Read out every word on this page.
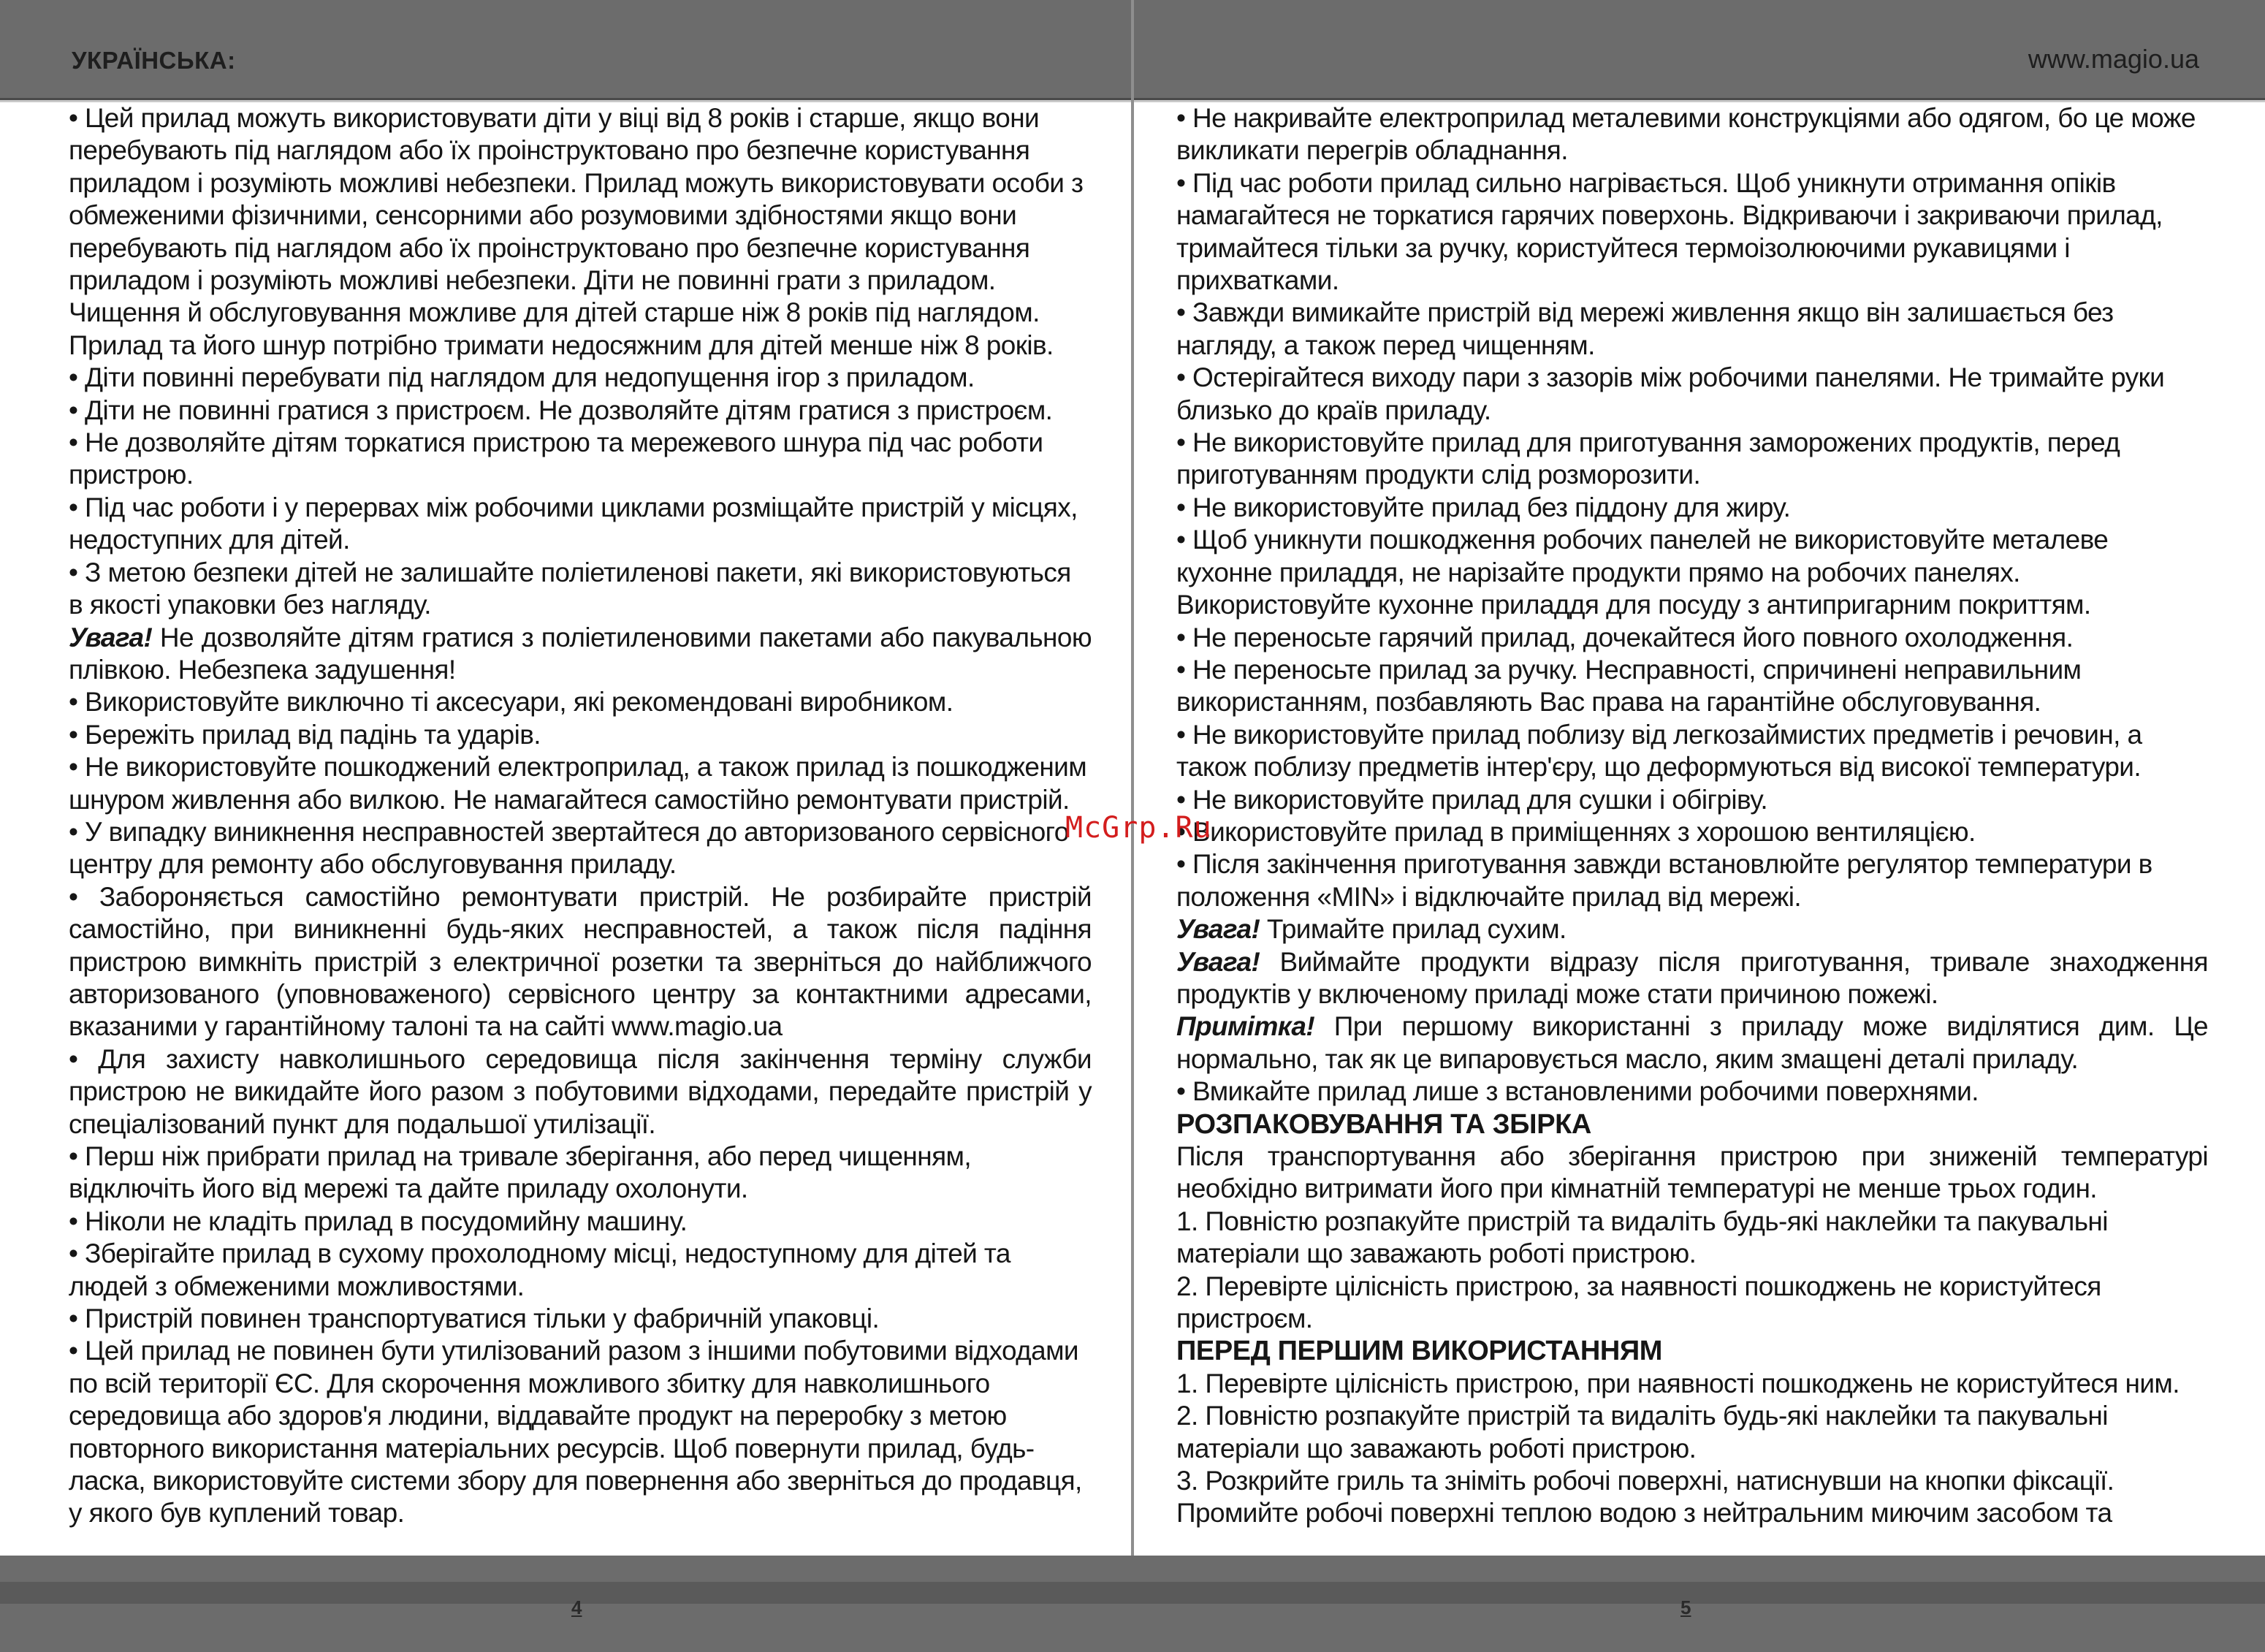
УКРАЇНСЬКА:	www.magio.ua

• Цей прилад можуть використовувати діти у віці від 8 років і старше, якщо вони перебувають під наглядом або їх проінструктовано про безпечне користування приладом і розуміють можливі небезпеки. Прилад можуть використовувати особи з обмеженими фізичними, сенсорними або розумовими здібностями якщо вони перебувають під наглядом або їх проінструктовано про безпечне користування приладом і розуміють можливі небезпеки. Діти не повинні грати з приладом. Чищення й обслуговування можливе для дітей старше ніж 8 років під наглядом. Прилад та його шнур потрібно тримати недосяжним для дітей менше ніж 8 років.

• Діти повинні перебувати під наглядом для недопущення ігор з приладом.

• Діти не повинні гратися з пристроєм. Не дозволяйте дітям гратися з пристроєм.

• Не дозволяйте дітям торкатися пристрою та мережевого шнура під час роботи пристрою.

• Під час роботи і у перервах між робочими циклами розміщайте пристрій у місцях, недоступних для дітей.

• З метою безпеки дітей не залишайте поліетиленові пакети, які використовуються в якості упаковки без нагляду.

Увага! Не дозволяйте дітям гратися з поліетиленовими пакетами або пакувальною плівкою. Небезпека задушення!

• Використовуйте виключно ті аксесуари, які рекомендовані виробником.

• Бережіть прилад від падінь та ударів.

• Не використовуйте пошкоджений електроприлад, а також прилад із пошкодженим шнуром живлення або вилкою. Не намагайтеся самостійно ремонтувати пристрій.

• У випадку виникнення несправностей звертайтеся до авторизованого сервісного центру для ремонту або обслуговування приладу.

• Забороняється самостійно ремонтувати пристрій. Не розбирайте пристрій самостійно, при виникненні будь-яких несправностей, а також після падіння пристрою вимкніть пристрій з електричної розетки та зверніться до найближчого авторизованого (уповноваженого) сервісного центру за контактними адресами, вказаними у гарантійному талоні та на сайті www.magio.ua

• Для захисту навколишнього середовища після закінчення терміну служби пристрою не викидайте його разом з побутовими відходами, передайте пристрій у спеціалізований пункт для подальшої утилізації.

• Перш ніж прибрати прилад на тривале зберігання, або перед чищенням, відключіть його від мережі та дайте приладу охолонути.

• Ніколи не кладіть прилад в посудомийну машину.

• Зберігайте прилад в сухому прохолодному місці, недоступному для дітей та людей з обмеженими можливостями.

• Пристрій повинен транспортуватися тільки у фабричній упаковці.

• Цей прилад не повинен бути утилізований разом з іншими побутовими відходами по всій території ЄС. Для скорочення можливого збитку для навколишнього середовища або здоров'я людини, віддавайте продукт на переробку з метою повторного використання матеріальних ресурсів. Щоб повернути прилад, будь-ласка, використовуйте системи збору для повернення або зверніться до продавця, у якого був куплений товар.

• Не накривайте електроприлад металевими конструкціями або одягом, бо це може викликати перегрів обладнання.

• Під час роботи прилад сильно нагрівається. Щоб уникнути отримання опіків намагайтеся не торкатися гарячих поверхонь. Відкриваючи і закриваючи прилад, тримайтеся тільки за ручку, користуйтеся термоізолюючими рукавицями і прихватками.

• Завжди вимикайте пристрій від мережі живлення якщо він залишається без нагляду, а також перед чищенням.

• Остерігайтеся виходу пари з зазорів між робочими панелями. Не тримайте руки близько до країв приладу.

• Не використовуйте прилад для приготування заморожених продуктів, перед приготуванням продукти слід розморозити.

• Не використовуйте прилад без піддону для жиру.

• Щоб уникнути пошкодження робочих панелей не використовуйте металеве кухонне приладдя, не нарізайте продукти прямо на робочих панелях. Використовуйте кухонне приладдя для посуду з антипригарним покриттям.

• Не переносьте гарячий прилад, дочекайтеся його повного охолодження.

• Не переносьте прилад за ручку. Несправності, спричинені неправильним використанням, позбавляють Вас права на гарантійне обслуговування.

• Не використовуйте прилад поблизу від легкозаймистих предметів і речовин, а також поблизу предметів інтер'єру, що деформуються від високої температури.

• Не використовуйте прилад для сушки і обігріву.

• Використовуйте прилад в приміщеннях з хорошою вентиляцією.

• Після закінчення приготування завжди встановлюйте регулятор температури в положення «MIN» і відключайте прилад від мережі.

Увага! Тримайте прилад сухим.

Увага! Виймайте продукти відразу після приготування, тривале знаходження продуктів у включеному приладі може стати причиною пожежі.

Примітка! При першому використанні з приладу може виділятися дим. Це нормально, так як це випаровується масло, яким змащені деталі приладу.

• Вмикайте прилад лише з встановленими робочими поверхнями.

РОЗПАКОВУВАННЯ ТА ЗБІРКА

Після транспортування або зберігання пристрою при зниженій температурі необхідно витримати його при кімнатній температурі не менше трьох годин.

1. Повністю розпакуйте пристрій та видаліть будь-які наклейки та пакувальні матеріали що заважають роботі пристрою.

2. Перевірте цілісність пристрою, за наявності пошкоджень не користуйтеся пристроєм.

ПЕРЕД ПЕРШИМ ВИКОРИСТАННЯМ

1. Перевірте цілісність пристрою, при наявності пошкоджень не користуйтеся ним.

2. Повністю розпакуйте пристрій та видаліть будь-які наклейки та пакувальні матеріали що заважають роботі пристрою.

3. Розкрийте гриль та зніміть робочі поверхні, натиснувши на кнопки фіксації. Промийте робочі поверхні теплою водою з нейтральним миючим засобом та

4	5
McGrp.Ru
